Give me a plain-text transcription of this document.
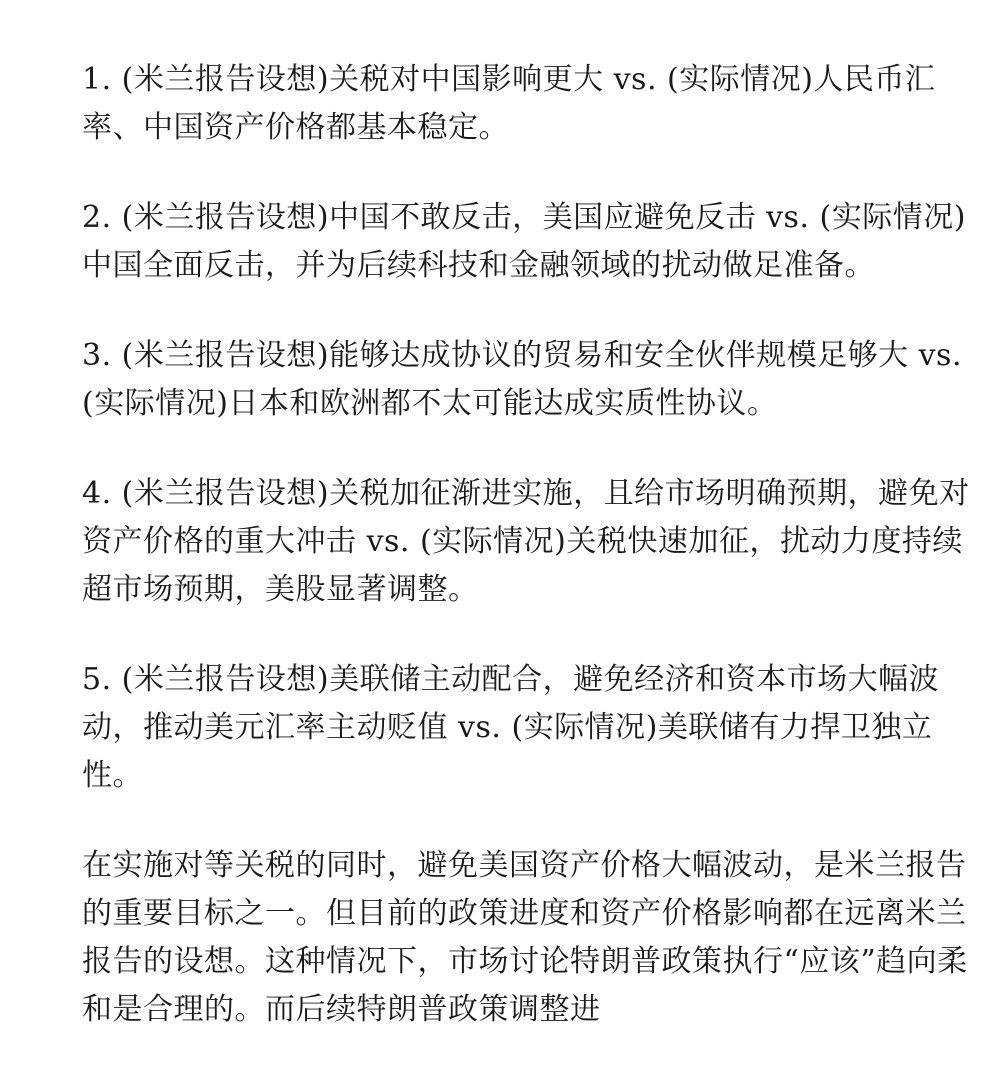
1. (米兰报告设想)关税对中国影响更大 vs. (实际情况)人民币汇率、中国资产价格都基本稳定。

2. (米兰报告设想)中国不敢反击，美国应避免反击 vs. (实际情况)中国全面反击，并为后续科技和金融领域的扰动做足准备。

3. (米兰报告设想)能够达成协议的贸易和安全伙伴规模足够大 vs. (实际情况)日本和欧洲都不太可能达成实质性协议。

4. (米兰报告设想)关税加征渐进实施，且给市场明确预期，避免对资产价格的重大冲击 vs. (实际情况)关税快速加征，扰动力度持续超市场预期，美股显著调整。

5. (米兰报告设想)美联储主动配合，避免经济和资本市场大幅波动，推动美元汇率主动贬值 vs. (实际情况)美联储有力捍卫独立性。

在实施对等关税的同时，避免美国资产价格大幅波动，是米兰报告的重要目标之一。但目前的政策进度和资产价格影响都在远离米兰报告的设想。这种情况下，市场讨论特朗普政策执行“应该”趋向柔和是合理的。而后续特朗普政策调整进
